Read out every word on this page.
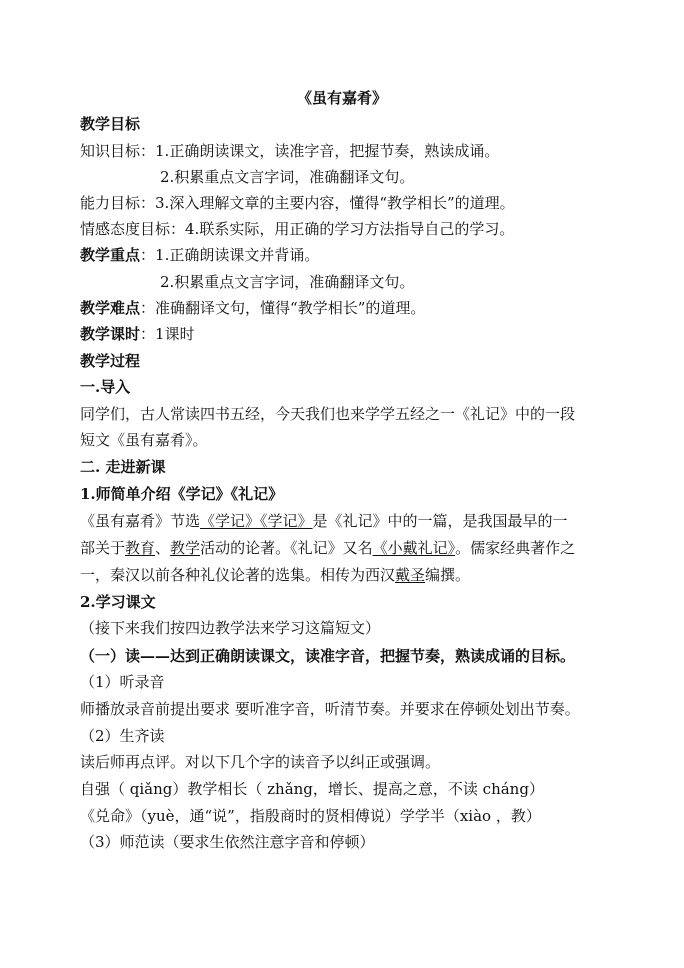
《虽有嘉肴》
教学目标
知识目标：1.正确朗读课文，读准字音，把握节奏，熟读成诵。
2.积累重点文言字词，准确翻译文句。
能力目标：3.深入理解文章的主要内容，懂得“教学相长”的道理。
情感态度目标：4.联系实际，用正确的学习方法指导自己的学习。
教学重点：1.正确朗读课文并背诵。
2.积累重点文言字词，准确翻译文句。
教学难点：准确翻译文句，懂得“教学相长”的道理。
教学课时：1课时
教学过程
一.导入
同学们，古人常读四书五经，今天我们也来学学五经之一《礼记》中的一段
短文《虽有嘉肴》。
二. 走进新课
1.师简单介绍《学记》《礼记》
《虽有嘉肴》节选《学记》《学记》是《礼记》中的一篇，是我国最早的一
部关于教育、教学活动的论著。《礼记》又名《小戴礼记》。儒家经典著作之
一，秦汉以前各种礼仪论著的选集。相传为西汉戴圣编撰。
2.学习课文
（接下来我们按四边教学法来学习这篇短文）
（一）读——达到正确朗读课文，读准字音，把握节奏，熟读成诵的目标。
（1）听录音
师播放录音前提出要求 要听准字音，听清节奏。并要求在停顿处划出节奏。
（2）生齐读
读后师再点评。对以下几个字的读音予以纠正或强调。
自强（ qiǎng）教学相长（ zhǎng，增长、提高之意，不读 cháng）
《兑命》（yuè，通“说”，指殷商时的贤相傅说）学学半（xiào ，教）
（3）师范读（要求生依然注意字音和停顿）
